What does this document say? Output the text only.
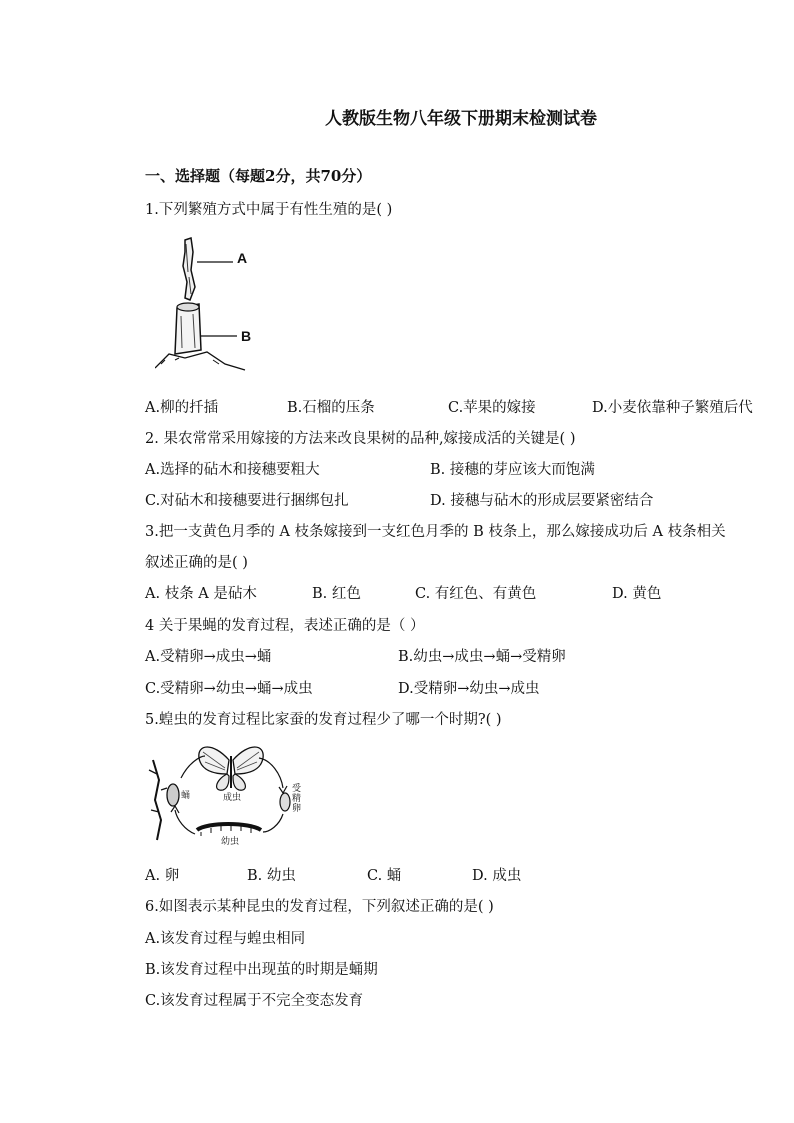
人教版生物八年级下册期末检测试卷
一、选择题（每题2分，共70分）
1.下列繁殖方式中属于有性生殖的是( )
A
B
A.柳的扦插	B.石榴的压条	C.苹果的嫁接	D.小麦依靠种子繁殖后代
2. 果农常常采用嫁接的方法来改良果树的品种,嫁接成活的关键是( )
A.选择的砧木和接穗要粗大	B. 接穗的芽应该大而饱满
C.对砧木和接穗要进行捆绑包扎	D. 接穗与砧木的形成层要紧密结合
3.把一支黄色月季的 A 枝条嫁接到一支红色月季的 B 枝条上，那么嫁接成功后 A 枝条相关
叙述正确的是( )
A. 枝条 A 是砧木	B. 红色	C. 有红色、有黄色	D. 黄色
4 关于果蝇的发育过程，表述正确的是（ ）
A.受精卵→成虫→蛹	B.幼虫→成虫→蛹→受精卵
C.受精卵→幼虫→蛹→成虫	D.受精卵→幼虫→成虫
5.蝗虫的发育过程比家蚕的发育过程少了哪一个时期?( )
蛹	成虫
受精卵
幼虫
A. 卵	B. 幼虫	C. 蛹	D. 成虫
6.如图表示某种昆虫的发育过程，下列叙述正确的是( )
A.该发育过程与蝗虫相同
B.该发育过程中出现茧的时期是蛹期
C.该发育过程属于不完全变态发育
